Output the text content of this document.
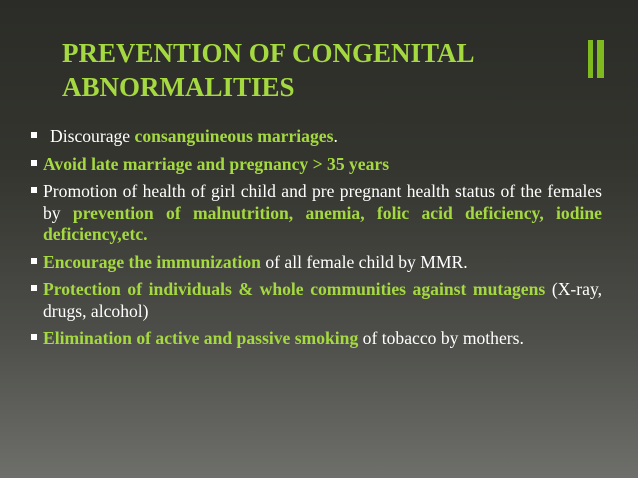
PREVENTION OF CONGENITAL
ABNORMALITIES
Discourage consanguineous marriages.
Avoid late marriage and pregnancy > 35 years
Promotion of health of girl child and pre pregnant health status of the females by prevention of malnutrition, anemia, folic acid deficiency, iodine deficiency,etc.
Encourage the immunization of all female child by MMR.
Protection of individuals & whole communities against mutagens (X-ray, drugs, alcohol)
Elimination of active and passive smoking of tobacco by mothers.
